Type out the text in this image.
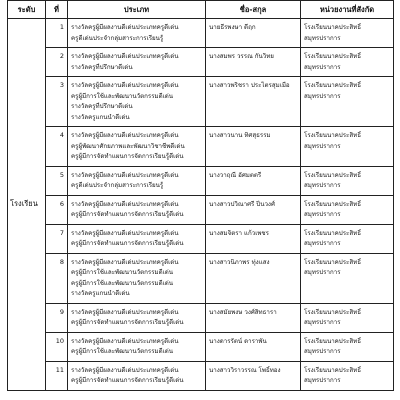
ระดับ	ที่	ประเภท	ชื่อ-สกุล	หน่วยงานที่สังกัด
โรงเรียน	1	รางวัลครูผู้มีผลงานดีเด่นประเภทครูดีเด่น
ครูดีเด่นประจำกลุ่มสาระการเรียนรู้	นายธีรพงษา ดีฤก	โรงเรียนนาคประสิทธิ์
สมุทรปราการ

	2	รางวัลครูผู้มีผลงานดีเด่นประเภทครูดีเด่น
รางวัลครูที่ปรึกษาดีเด่น	นางสมพร วรรณ กันวิทย	โรงเรียนนาคประสิทธิ์
สมุทรปราการ

	3	รางวัลครูผู้มีผลงานดีเด่นประเภทครูดีเด่น
ครูผู้มีการใช้และพัฒนานวัตกรรมดีเด่น
รางวัลครูที่ปรึกษาดีเด่น
รางวัลครูแกนนำดีเด่น	นางสาวพริชรา ประไตรสุมเมือ	โรงเรียนนาคประสิทธิ์
สมุทรปราการ

	4	รางวัลครูผู้มีผลงานดีเด่นประเภทครูดีเด่น
ครูผู้พัฒนาศักยภาพและพัฒนาวิชาชีพดีเด่น
ครูผู้มีการจัดทำแผนการจัดการเรียนรู้ดีเด่น	นางสาวนาน ทิศสุธรรม	โรงเรียนนาคประสิทธิ์
สมุทรปราการ

	5	รางวัลครูผู้มีผลงานดีเด่นประเภทครูดีเด่น
ครูดีเด่นประจำกลุ่มสาระการเรียนรู้	นางวาฤณี อัศมตตรี	โรงเรียนนาคประสิทธิ์
สมุทรปราการ

	6	รางวัลครูผู้มีผลงานดีเด่นประเภทครูดีเด่น
ครูผู้มีการจัดทำแผนการจัดการเรียนรู้ดีเด่น	นางสาวปวิณาศรี ปิ่นวงศ์	โรงเรียนนาคประสิทธิ์
สมุทรปราการ

	7	รางวัลครูผู้มีผลงานดีเด่นประเภทครูดีเด่น
ครูผู้มีการจัดทำแผนการจัดการเรียนรู้ดีเด่น	นางสมจิตรา แก้วเพชร	โรงเรียนนาคประสิทธิ์
สมุทรปราการ

	8	รางวัลครูผู้มีผลงานดีเด่นประเภทครูดีเด่น
ครูผู้มีการใช้และพัฒนานวัตกรรมดีเด่น
ครูผู้มีการใช้และพัฒนานวัตกรรมดีเด่น
รางวัลครูแกนนำดีเด่น	นางสาวนิภาพร ทุ่งแสง	โรงเรียนนาคประสิทธิ์
สมุทรปราการ

	9	รางวัลครูผู้มีผลงานดีเด่นประเภทครูดีเด่น
ครูผู้มีการจัดทำแผนการจัดการเรียนรู้ดีเด่น	นางสมัยพงษ วงศ์สิทธารา	โรงเรียนนาคประสิทธิ์
สมุทรปราการ

	10	รางวัลครูผู้มีผลงานดีเด่นประเภทครูดีเด่น
ครูผู้มีการใช้และพัฒนานวัตกรรมดีเด่น	นางดารรัตน์ ดาราพัน	โรงเรียนนาคประสิทธิ์
สมุทรปราการ

	11	รางวัลครูผู้มีผลงานดีเด่นประเภทครูดีเด่น
ครูผู้มีการจัดทำแผนการจัดการเรียนรู้ดีเด่น	นางสาววิราวรรณ โพธิ์ทอง	โรงเรียนนาคประสิทธิ์
สมุทรปราการ
